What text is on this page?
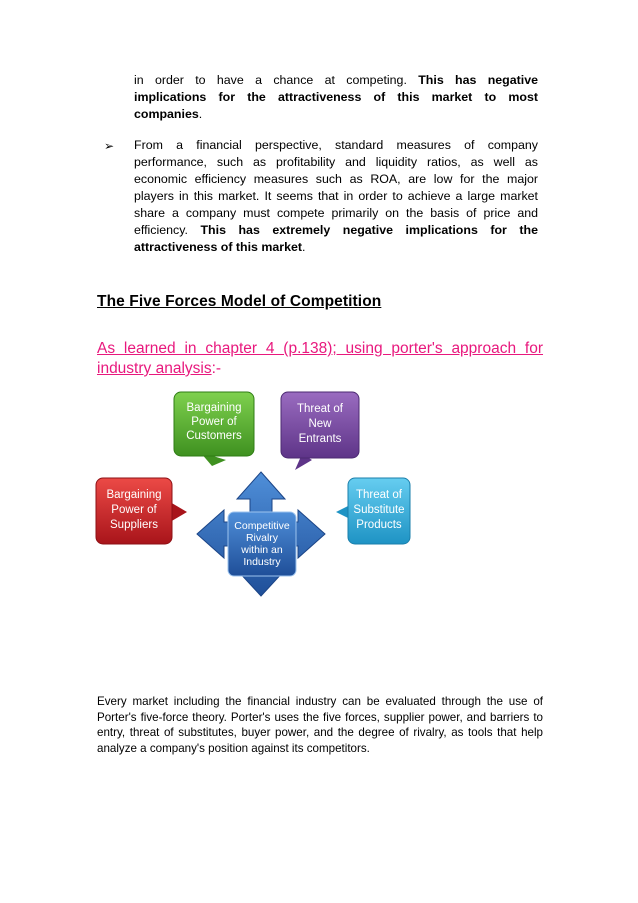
in order to have a chance at competing. This has negative
implications for the attractiveness of this market to most
companies.
➢	From a financial perspective, standard measures of company
performance, such as profitability and liquidity ratios, as well as
economic efficiency measures such as ROA, are low for the major
players in this market. It seems that in order to achieve a large market
share a company must compete primarily on the basis of price and
efficiency. This has extremely negative implications for the
attractiveness of this market.
The Five Forces Model of Competition
As learned in chapter 4 (p.138); using porter's approach for
industry analysis:-
Competitive
Rivalry
within an
Industry
Bargaining
Power of
Customers
Threat of
New
Entrants
Bargaining
Power of
Suppliers
Threat of
Substitute
Products
Every market including the financial industry can be evaluated through the use of
Porter's five-force theory. Porter's uses the five forces, supplier power, and barriers to
entry, threat of substitutes, buyer power, and the degree of rivalry, as tools that help
analyze a company's position against its competitors.
